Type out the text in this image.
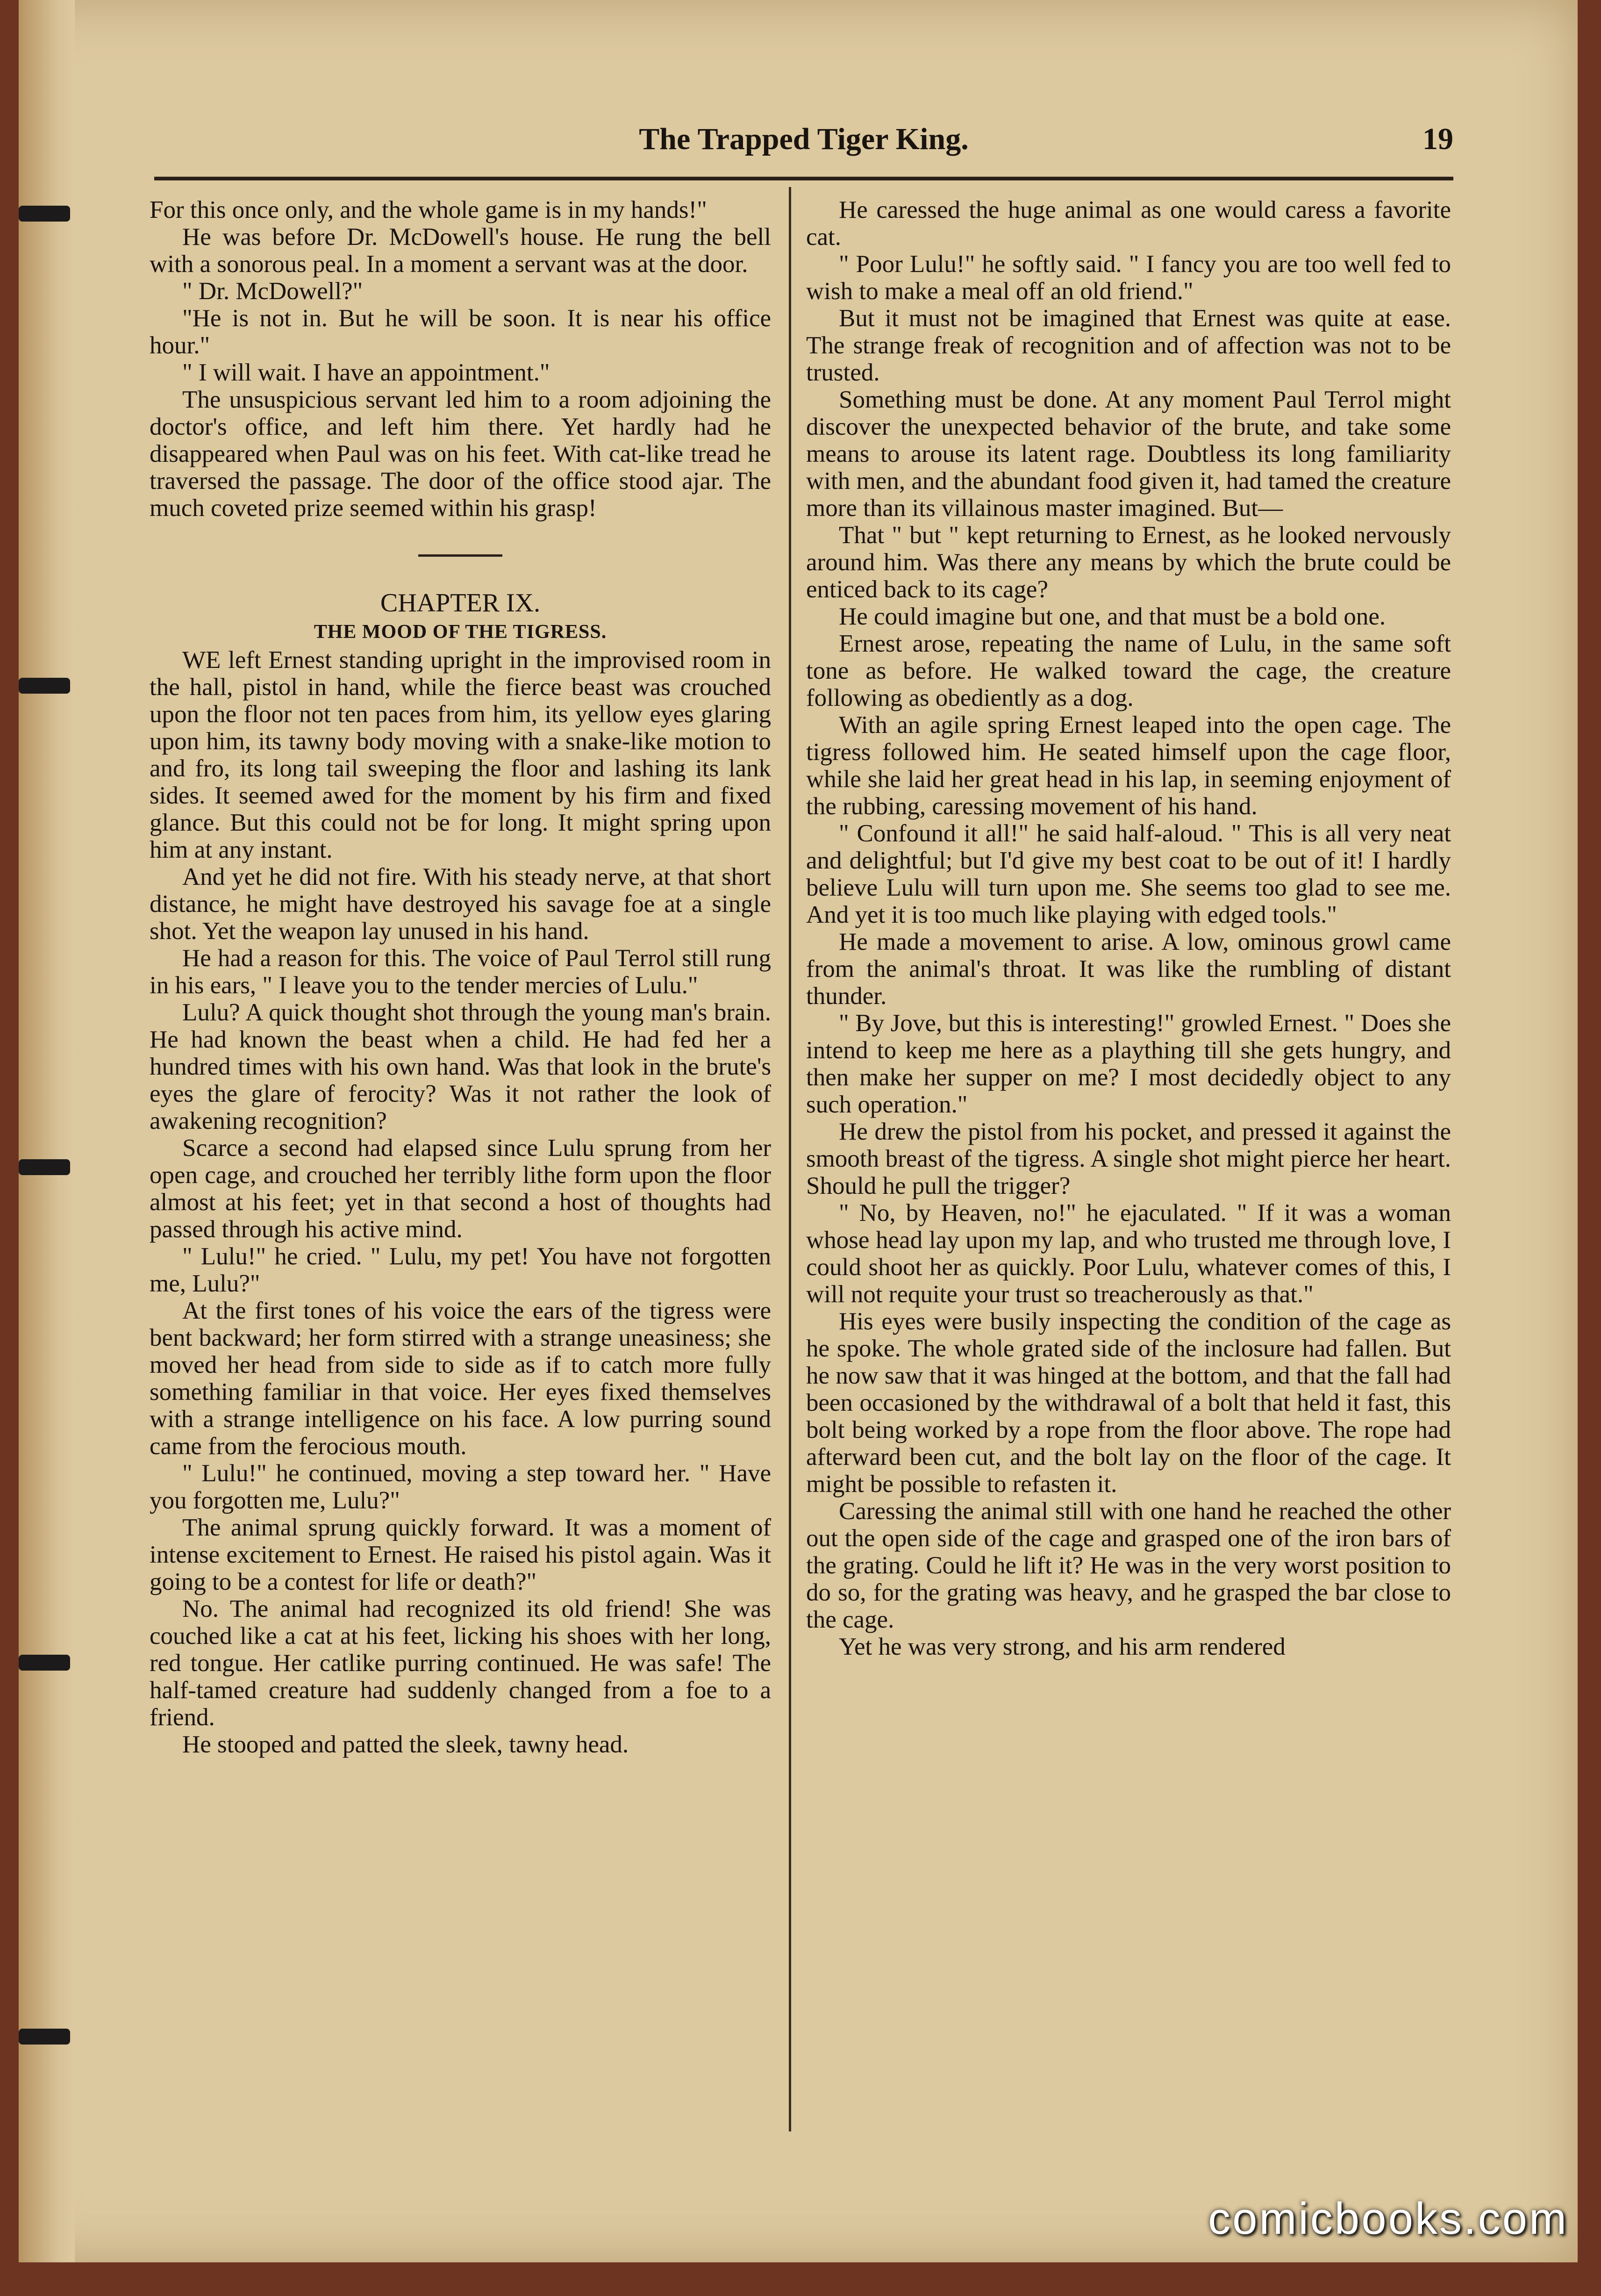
The Trapped Tiger King.	19

For this once only, and the whole game is in my hands!"

He was before Dr. McDowell's house. He rung the bell with a sonorous peal. In a moment a servant was at the door.

" Dr. McDowell?"

"He is not in. But he will be soon. It is near his office hour."

" I will wait. I have an appointment."

The unsuspicious servant led him to a room adjoining the doctor's office, and left him there. Yet hardly had he disappeared when Paul was on his feet. With cat-like tread he traversed the passage. The door of the office stood ajar. The much coveted prize seemed within his grasp!

CHAPTER IX.
THE MOOD OF THE TIGRESS.

WE left Ernest standing upright in the improvised room in the hall, pistol in hand, while the fierce beast was crouched upon the floor not ten paces from him, its yellow eyes glaring upon him, its tawny body moving with a snake-like motion to and fro, its long tail sweeping the floor and lashing its lank sides. It seemed awed for the moment by his firm and fixed glance. But this could not be for long. It might spring upon him at any instant.

And yet he did not fire. With his steady nerve, at that short distance, he might have destroyed his savage foe at a single shot. Yet the weapon lay unused in his hand.

He had a reason for this. The voice of Paul Terrol still rung in his ears, " I leave you to the tender mercies of Lulu."

Lulu? A quick thought shot through the young man's brain. He had known the beast when a child. He had fed her a hundred times with his own hand. Was that look in the brute's eyes the glare of ferocity? Was it not rather the look of awakening recognition?

Scarce a second had elapsed since Lulu sprung from her open cage, and crouched her terribly lithe form upon the floor almost at his feet; yet in that second a host of thoughts had passed through his active mind.

" Lulu!" he cried. " Lulu, my pet! You have not forgotten me, Lulu?"

At the first tones of his voice the ears of the tigress were bent backward; her form stirred with a strange uneasiness; she moved her head from side to side as if to catch more fully something familiar in that voice. Her eyes fixed themselves with a strange intelligence on his face. A low purring sound came from the ferocious mouth.

" Lulu!" he continued, moving a step toward her. " Have you forgotten me, Lulu?"

The animal sprung quickly forward. It was a moment of intense excitement to Ernest. He raised his pistol again. Was it going to be a contest for life or death?"

No. The animal had recognized its old friend! She was couched like a cat at his feet, licking his shoes with her long, red tongue. Her catlike purring continued. He was safe! The half-tamed creature had suddenly changed from a foe to a friend.

He stooped and patted the sleek, tawny head.

He caressed the huge animal as one would caress a favorite cat.

" Poor Lulu!" he softly said. " I fancy you are too well fed to wish to make a meal off an old friend."

But it must not be imagined that Ernest was quite at ease. The strange freak of recognition and of affection was not to be trusted.

Something must be done. At any moment Paul Terrol might discover the unexpected behavior of the brute, and take some means to arouse its latent rage. Doubtless its long familiarity with men, and the abundant food given it, had tamed the creature more than its villainous master imagined. But—

That " but " kept returning to Ernest, as he looked nervously around him. Was there any means by which the brute could be enticed back to its cage?

He could imagine but one, and that must be a bold one.

Ernest arose, repeating the name of Lulu, in the same soft tone as before. He walked toward the cage, the creature following as obediently as a dog.

With an agile spring Ernest leaped into the open cage. The tigress followed him. He seated himself upon the cage floor, while she laid her great head in his lap, in seeming enjoyment of the rubbing, caressing movement of his hand.

" Confound it all!" he said half-aloud. " This is all very neat and delightful; but I'd give my best coat to be out of it! I hardly believe Lulu will turn upon me. She seems too glad to see me. And yet it is too much like playing with edged tools."

He made a movement to arise. A low, ominous growl came from the animal's throat. It was like the rumbling of distant thunder.

" By Jove, but this is interesting!" growled Ernest. " Does she intend to keep me here as a plaything till she gets hungry, and then make her supper on me? I most decidedly object to any such operation."

He drew the pistol from his pocket, and pressed it against the smooth breast of the tigress. A single shot might pierce her heart. Should he pull the trigger?

" No, by Heaven, no!" he ejaculated. " If it was a woman whose head lay upon my lap, and who trusted me through love, I could shoot her as quickly. Poor Lulu, whatever comes of this, I will not requite your trust so treacherously as that."

His eyes were busily inspecting the condition of the cage as he spoke. The whole grated side of the inclosure had fallen. But he now saw that it was hinged at the bottom, and that the fall had been occasioned by the withdrawal of a bolt that held it fast, this bolt being worked by a rope from the floor above. The rope had afterward been cut, and the bolt lay on the floor of the cage. It might be possible to refasten it.

Caressing the animal still with one hand he reached the other out the open side of the cage and grasped one of the iron bars of the grating. Could he lift it? He was in the very worst position to do so, for the grating was heavy, and he grasped the bar close to the cage.

Yet he was very strong, and his arm rendered

comicbooks.com
